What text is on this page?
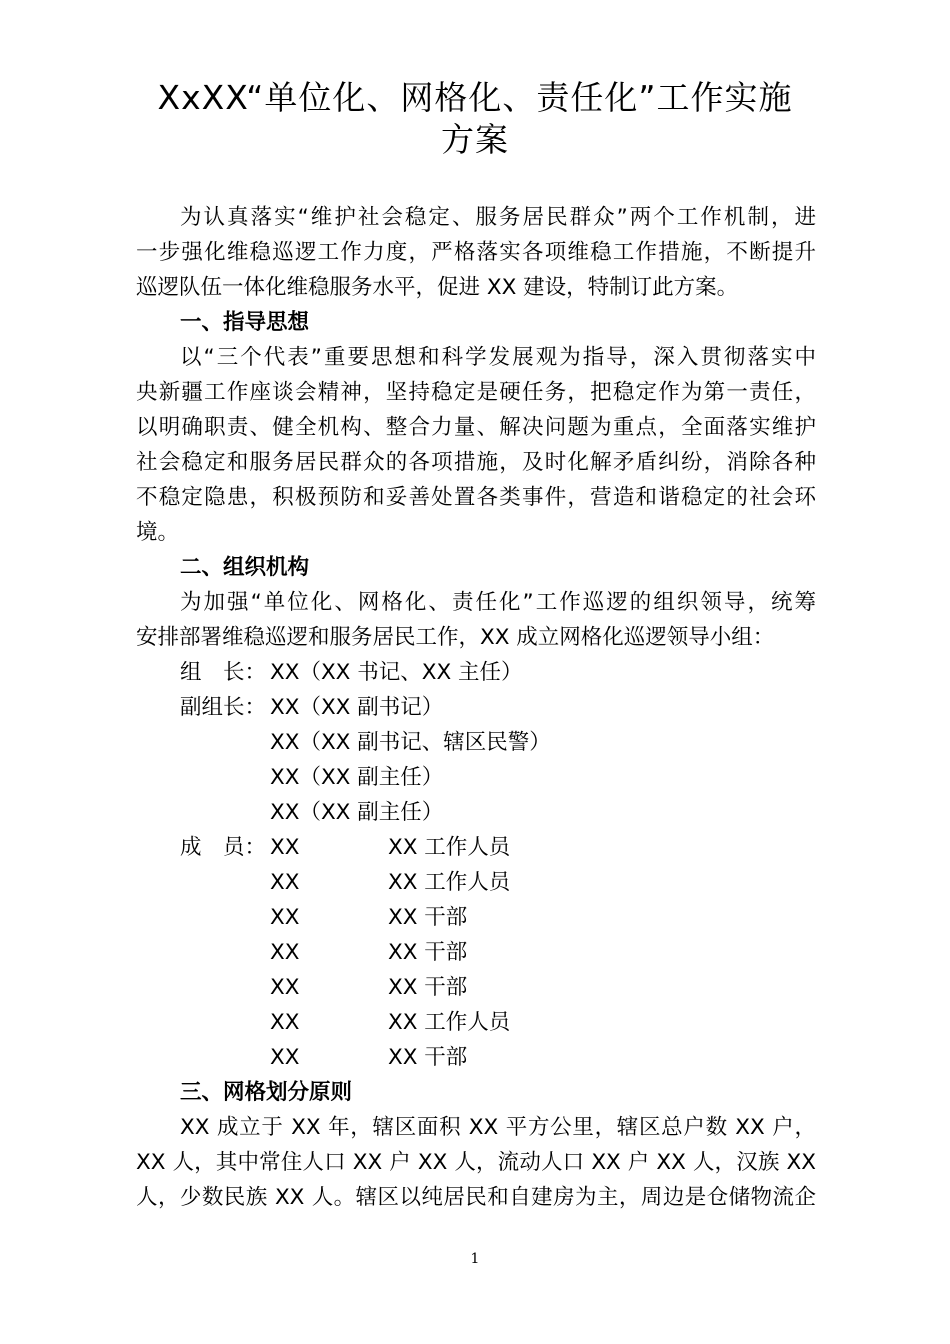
XxXX“单位化、网格化、责任化”工作实施
方案
为认真落实“维护社会稳定、服务居民群众”两个工作机制，进
一步强化维稳巡逻工作力度，严格落实各项维稳工作措施，不断提升
巡逻队伍一体化维稳服务水平，促进 XX 建设，特制订此方案。
一、指导思想
以“三个代表”重要思想和科学发展观为指导，深入贯彻落实中
央新疆工作座谈会精神，坚持稳定是硬任务，把稳定作为第一责任，
以明确职责、健全机构、整合力量、解决问题为重点，全面落实维护
社会稳定和服务居民群众的各项措施，及时化解矛盾纠纷，消除各种
不稳定隐患，积极预防和妥善处置各类事件，营造和谐稳定的社会环
境。
二、组织机构
为加强“单位化、网格化、责任化”工作巡逻的组织领导，统筹
安排部署维稳巡逻和服务居民工作，XX 成立网格化巡逻领导小组：
组　长： XX（XX 书记、XX 主任）
副组长： XX（XX 副书记）
XX（XX 副书记、辖区民警）
XX（XX 副主任）
XX（XX 副主任）
成　员： XX	XX 工作人员
XX	XX 工作人员
XX	XX 干部
XX	XX 干部
XX	XX 干部
XX	XX 工作人员
XX	XX 干部
三、网格划分原则
XX 成立于 XX 年，辖区面积 XX 平方公里，辖区总户数 XX 户，
XX 人，其中常住人口 XX 户 XX 人，流动人口 XX 户 XX 人，汉族 XX
人，少数民族 XX 人。辖区以纯居民和自建房为主，周边是仓储物流企
1
